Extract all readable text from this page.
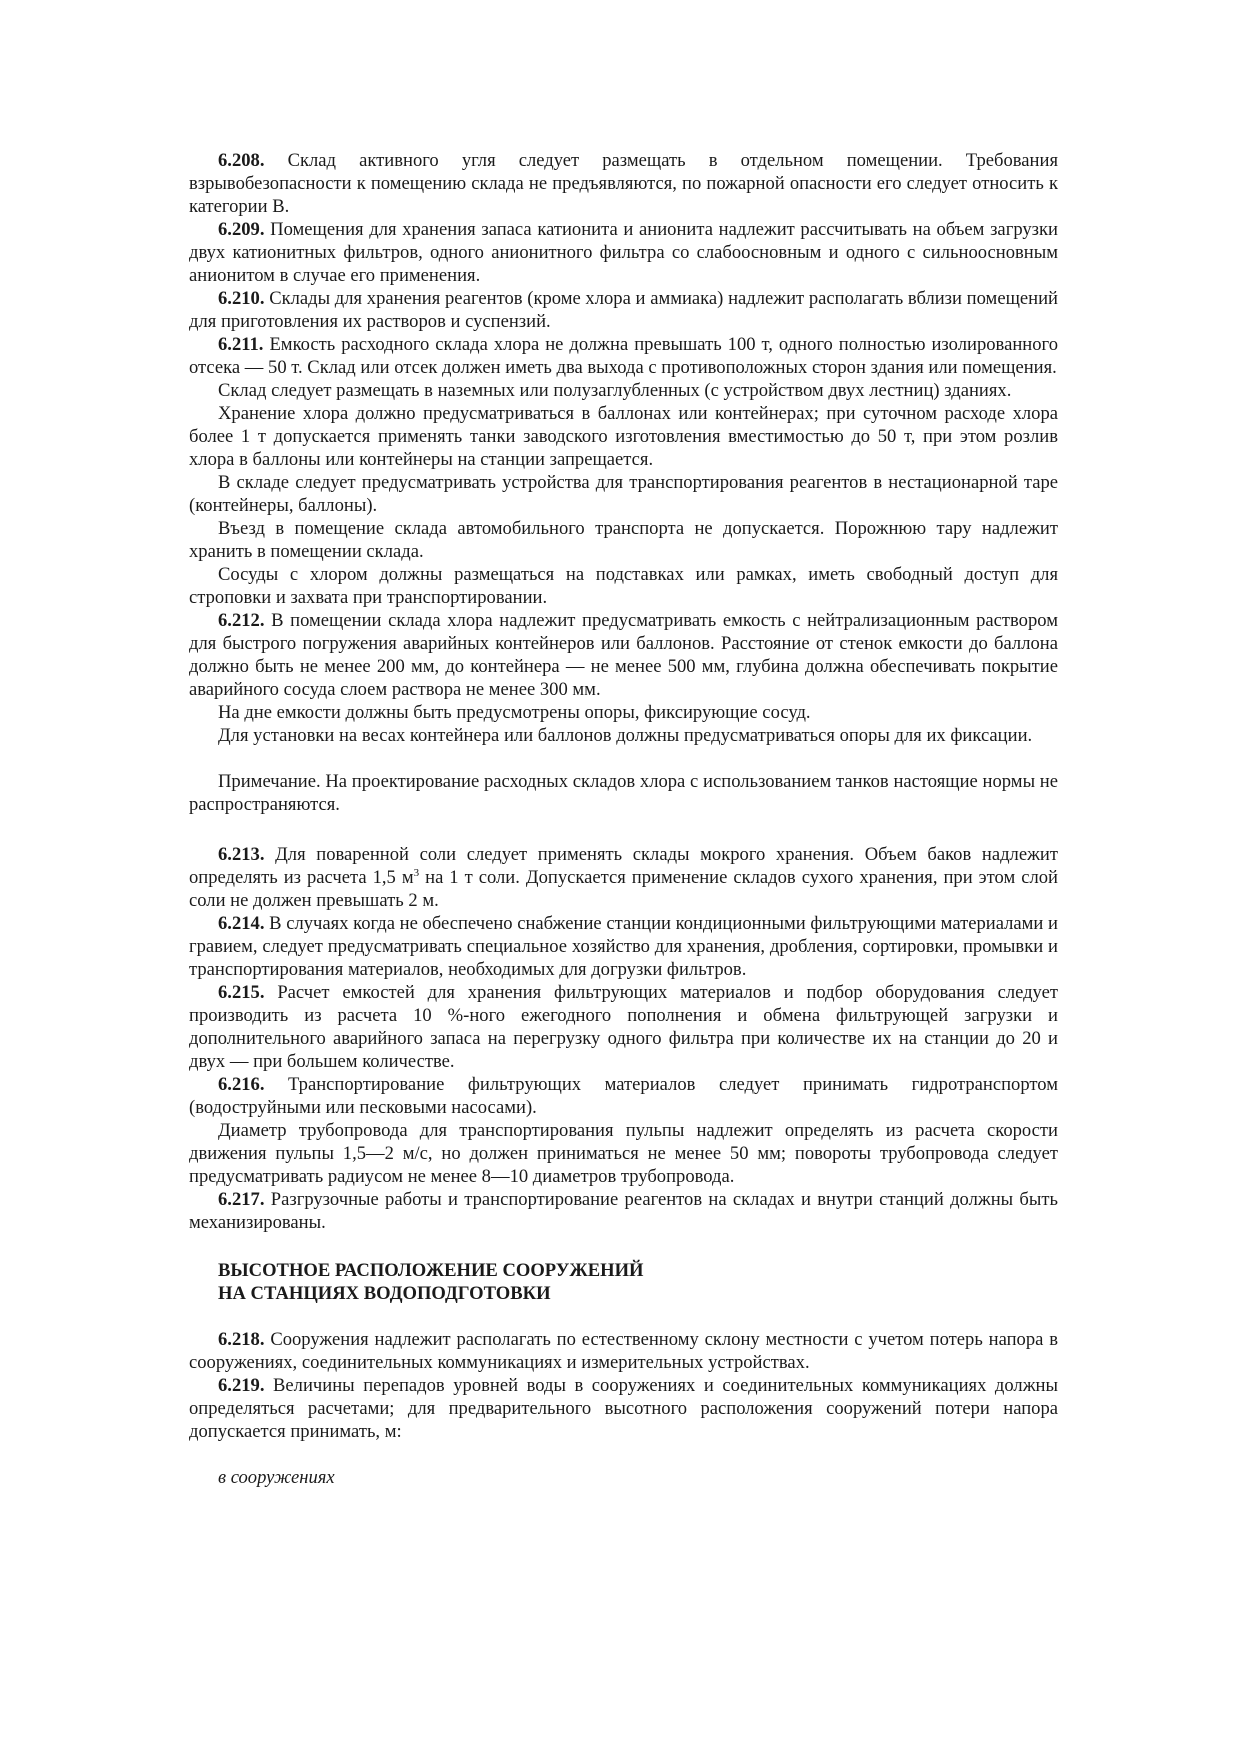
6.208. Склад активного угля следует размещать в отдельном помещении. Требования взрывобезопасности к помещению склада не предъявляются, по пожарной опасности его следует относить к категории В.

6.209. Помещения для хранения запаса катионита и анионита надлежит рассчитывать на объем загрузки двух катионитных фильтров, одного анионитного фильтра со слабоосновным и одного с сильноосновным анионитом в случае его применения.

6.210. Склады для хранения реагентов (кроме хлора и аммиака) надлежит располагать вблизи помещений для приготовления их растворов и суспензий.

6.211. Емкость расходного склада хлора не должна превышать 100 т, одного полностью изолированного отсека — 50 т. Склад или отсек должен иметь два выхода с противоположных сторон здания или помещения.

Склад следует размещать в наземных или полузаглубленных (с устройством двух лестниц) зданиях.

Хранение хлора должно предусматриваться в баллонах или контейнерах; при суточном расходе хлора более 1 т допускается применять танки заводского изготовления вместимостью до 50 т, при этом розлив хлора в баллоны или контейнеры на станции запрещается.

В складе следует предусматривать устройства для транспортирования реагентов в нестационарной таре (контейнеры, баллоны).

Въезд в помещение склада автомобильного транспорта не допускается. Порожнюю тару надлежит хранить в помещении склада.

Сосуды с хлором должны размещаться на подставках или рамках, иметь свободный доступ для строповки и захвата при транспортировании.

6.212. В помещении склада хлора надлежит предусматривать емкость с нейтрализационным раствором для быстрого погружения аварийных контейнеров или баллонов. Расстояние от стенок емкости до баллона должно быть не менее 200 мм, до контейнера — не менее 500 мм, глубина должна обеспечивать покрытие аварийного сосуда слоем раствора не менее 300 мм.

На дне емкости должны быть предусмотрены опоры, фиксирующие сосуд.

Для установки на весах контейнера или баллонов должны предусматриваться опоры для их фиксации.

Примечание. На проектирование расходных складов хлора с использованием танков настоящие нормы не распространяются.

6.213. Для поваренной соли следует применять склады мокрого хранения. Объем баков надлежит определять из расчета 1,5 $м^3$ на 1 т соли. Допускается применение складов сухого хранения, при этом слой соли не должен превышать 2 м.

6.214. В случаях когда не обеспечено снабжение станции кондиционными фильтрующими материалами и гравием, следует предусматривать специальное хозяйство для хранения, дробления, сортировки, промывки и транспортирования материалов, необходимых для догрузки фильтров.

6.215. Расчет емкостей для хранения фильтрующих материалов и подбор оборудования следует производить из расчета 10 %-ного ежегодного пополнения и обмена фильтрующей загрузки и дополнительного аварийного запаса на перегрузку одного фильтра при количестве их на станции до 20 и двух — при большем количестве.

6.216. Транспортирование фильтрующих материалов следует принимать гидротранспортом (водоструйными или песковыми насосами).

Диаметр трубопровода для транспортирования пульпы надлежит определять из расчета скорости движения пульпы 1,5—2 м/с, но должен приниматься не менее 50 мм; повороты трубопровода следует предусматривать радиусом не менее 8—10 диаметров трубопровода.

6.217. Разгрузочные работы и транспортирование реагентов на складах и внутри станций должны быть механизированы.

ВЫСОТНОЕ РАСПОЛОЖЕНИЕ СООРУЖЕНИЙ

НА СТАНЦИЯХ ВОДОПОДГОТОВКИ

6.218. Сооружения надлежит располагать по естественному склону местности с учетом потерь напора в сооружениях, соединительных коммуникациях и измерительных устройствах.

6.219. Величины перепадов уровней воды в сооружениях и соединительных коммуникациях должны определяться расчетами; для предварительного высотного расположения сооружений потери напора допускается принимать, м:

в сооружениях
